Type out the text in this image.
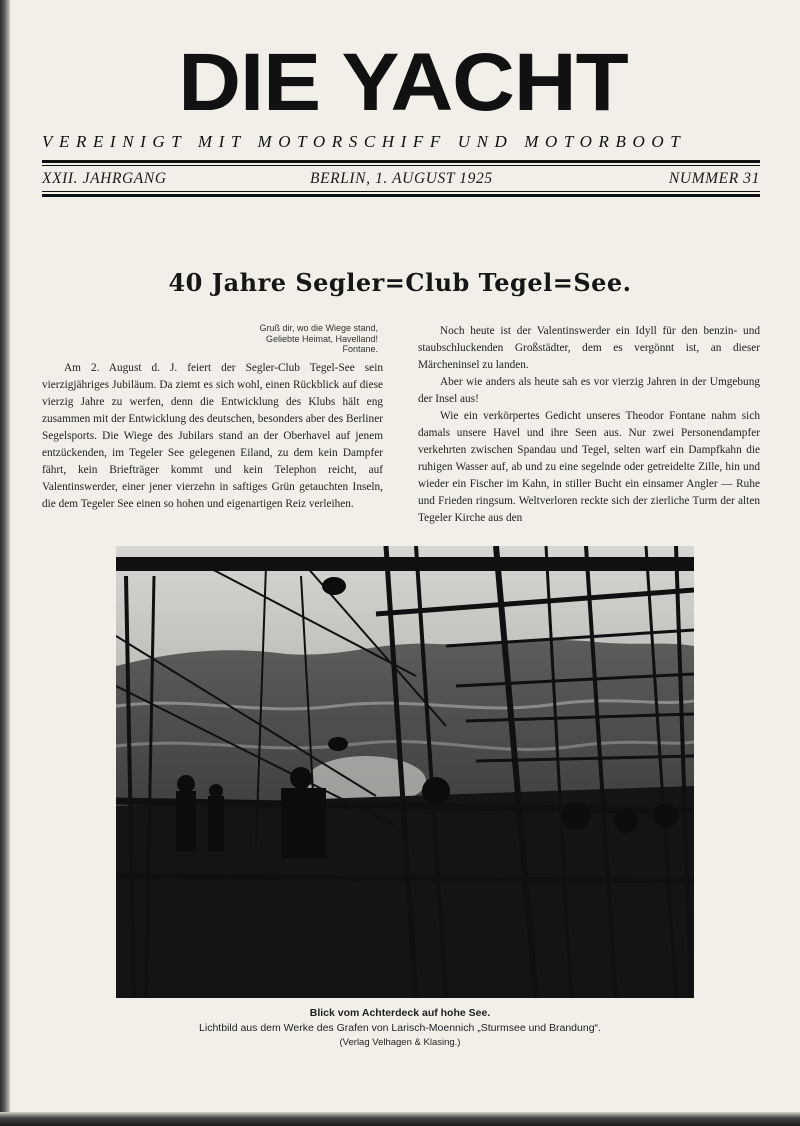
DIE YACHT
VEREINIGT MIT MOTORSCHIFF UND MOTORBOOT
XXII. JAHRGANG	BERLIN, 1. AUGUST 1925	NUMMER 31
40 Jahre Segler=Club Tegel=See.
Gruß dir, wo die Wiege stand,
Geliebte Heimat, Havelland!
Fontane.

Am 2. August d. J. feiert der Segler-Club Tegel-See sein vierzigjähriges Jubiläum. Da ziemt es sich wohl, einen Rückblick auf diese vierzig Jahre zu werfen, denn die Entwicklung des Klubs hält eng zusammen mit der Entwicklung des deutschen, besonders aber des Berliner Segelsports. Die Wiege des Jubilars stand an der Oberhavel auf jenem entzückenden, im Tegeler See gelegenen Eiland, zu dem kein Dampfer fährt, kein Briefträger kommt und kein Telephon reicht, auf Valentinswerder, einer jener vierzehn in saftiges Grün getauchten Inseln, die dem Tegeler See einen so hohen und eigenartigen Reiz verleihen.

Noch heute ist der Valentinswerder ein Idyll für den benzin- und staubschluckenden Großstädter, dem es vergönnt ist, an dieser Märcheninsel zu landen.

Aber wie anders als heute sah es vor vierzig Jahren in der Umgebung der Insel aus!

Wie ein verkörpertes Gedicht unseres Theodor Fontane nahm sich damals unsere Havel und ihre Seen aus. Nur zwei Personendampfer verkehrten zwischen Spandau und Tegel, selten warf ein Dampfkahn die ruhigen Wasser auf, ab und zu eine segelnde oder getreidelte Zille, hin und wieder ein Fischer im Kahn, in stiller Bucht ein einsamer Angler — Ruhe und Frieden ringsum. Weltverloren reckte sich der zierliche Turm der alten Tegeler Kirche aus den

Blick vom Achterdeck auf hohe See.
Lichtbild aus dem Werke des Grafen von Larisch-Moennich „Sturmsee und Brandung“.
(Verlag Velhagen & Klasing.)
